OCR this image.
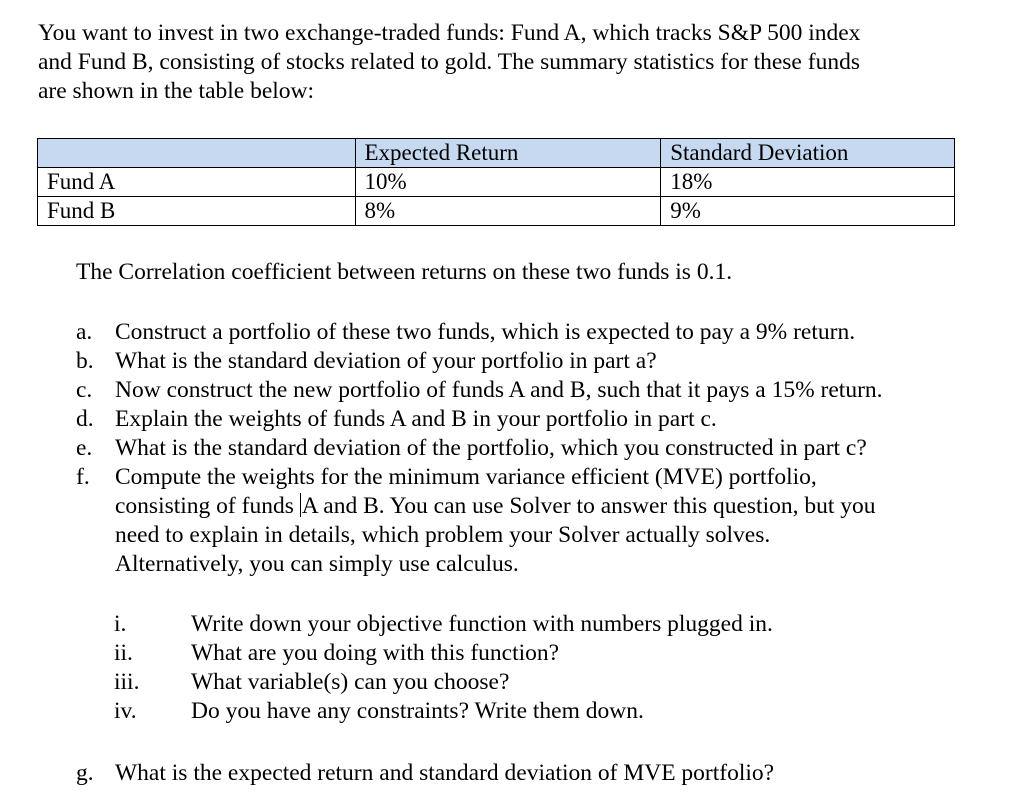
You want to invest in two exchange-traded funds: Fund A, which tracks S&P 500 index
and Fund B, consisting of stocks related to gold. The summary statistics for these funds
are shown in the table below:

	Expected Return	Standard Deviation
Fund A	10%	18%
Fund B	8%	9%

The Correlation coefficient between returns on these two funds is 0.1.

a. Construct a portfolio of these two funds, which is expected to pay a 9% return.
b. What is the standard deviation of your portfolio in part a?
c. Now construct the new portfolio of funds A and B, such that it pays a 15% return.
d. Explain the weights of funds A and B in your portfolio in part c.
e. What is the standard deviation of the portfolio, which you constructed in part c?
f. Compute the weights for the minimum variance efficient (MVE) portfolio,
consisting of funds A and B. You can use Solver to answer this question, but you
need to explain in details, which problem your Solver actually solves.
Alternatively, you can simply use calculus.
i.	Write down your objective function with numbers plugged in.
ii. What are you doing with this function?
iii. What variable(s) can you choose?
iv. Do you have any constraints? Write them down.
g. What is the expected return and standard deviation of MVE portfolio?
